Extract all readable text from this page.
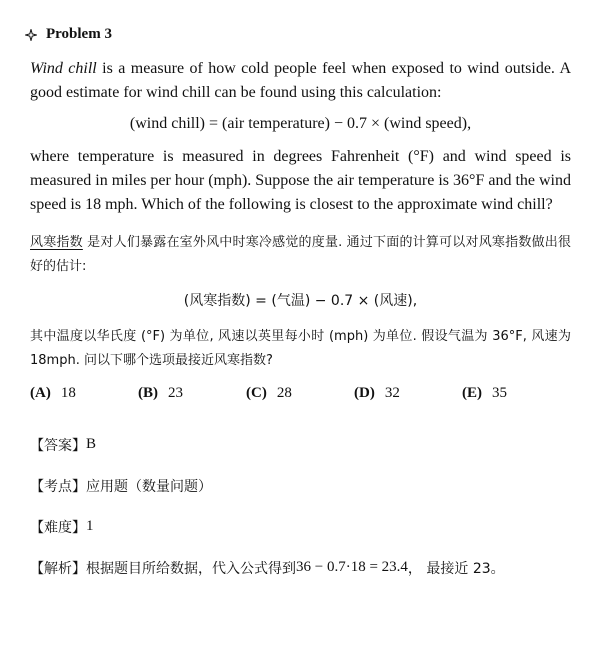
Problem 3
Wind chill is a measure of how cold people feel when exposed to wind outside. A good estimate for wind chill can be found using this calculation:
(wind chill) = (air temperature) − 0.7 × (wind speed),
where temperature is measured in degrees Fahrenheit (°F) and wind speed is measured in miles per hour (mph). Suppose the air temperature is 36°F and the wind speed is 18 mph. Which of the following is closest to the approximate wind chill?
风寒指数 是对人们暴露在室外风中时寒冷感觉的度量. 通过下面的计算可以对风寒指数做出很好的估计:
(风寒指数) = (气温) − 0.7 × (风速),
其中温度以华氏度 (°F) 为单位, 风速以英里每小时 (mph) 为单位. 假设气温为 36°F, 风速为 18mph. 问以下哪个选项最接近风寒指数?
(A) 18	(B) 23	(C) 28	(D) 32	(E) 35
【答案】 B
【考点】 应用题（数量问题）
【难度】 1
【解析】 根据题目所给数据，代入公式得到 36 − 0.7·18 = 23.4 ， 最接近 23。
